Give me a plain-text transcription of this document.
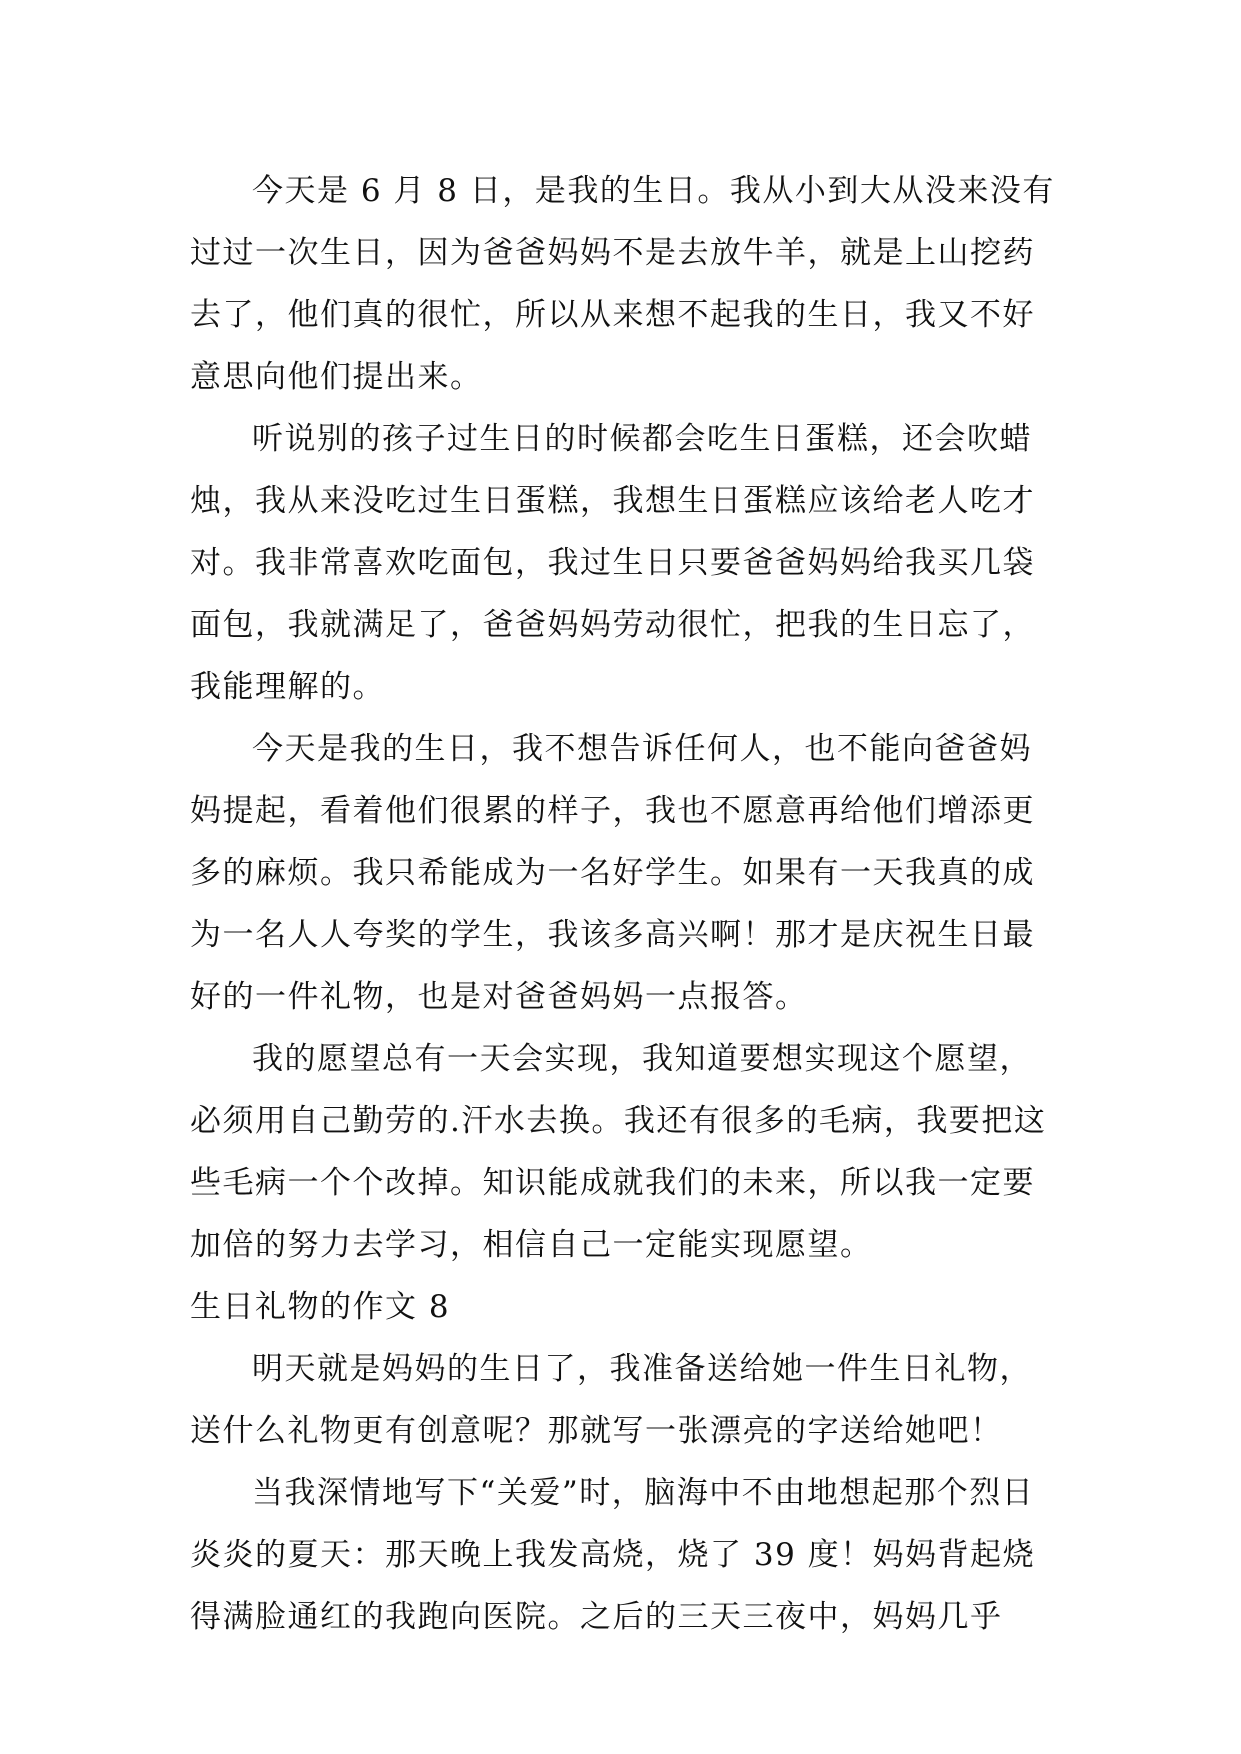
今天是 6 月 8 日，是我的生日。我从小到大从没来没有过过一次生日，因为爸爸妈妈不是去放牛羊，就是上山挖药去了，他们真的很忙，所以从来想不起我的生日，我又不好意思向他们提出来。

听说别的孩子过生日的时候都会吃生日蛋糕，还会吹蜡烛，我从来没吃过生日蛋糕，我想生日蛋糕应该给老人吃才对。我非常喜欢吃面包，我过生日只要爸爸妈妈给我买几袋面包，我就满足了，爸爸妈妈劳动很忙，把我的生日忘了，我能理解的。

今天是我的生日，我不想告诉任何人，也不能向爸爸妈妈提起，看着他们很累的样子，我也不愿意再给他们增添更多的麻烦。我只希能成为一名好学生。如果有一天我真的成为一名人人夸奖的学生，我该多高兴啊！那才是庆祝生日最好的一件礼物，也是对爸爸妈妈一点报答。

我的愿望总有一天会实现，我知道要想实现这个愿望，必须用自己勤劳的.汗水去换。我还有很多的毛病，我要把这些毛病一个个改掉。知识能成就我们的未来，所以我一定要加倍的努力去学习，相信自己一定能实现愿望。

生日礼物的作文 8

明天就是妈妈的生日了，我准备送给她一件生日礼物，送什么礼物更有创意呢？那就写一张漂亮的字送给她吧！

当我深情地写下“关爱”时，脑海中不由地想起那个烈日炎炎的夏天：那天晚上我发高烧，烧了 39 度！妈妈背起烧得满脸通红的我跑向医院。之后的三天三夜中，妈妈几乎
